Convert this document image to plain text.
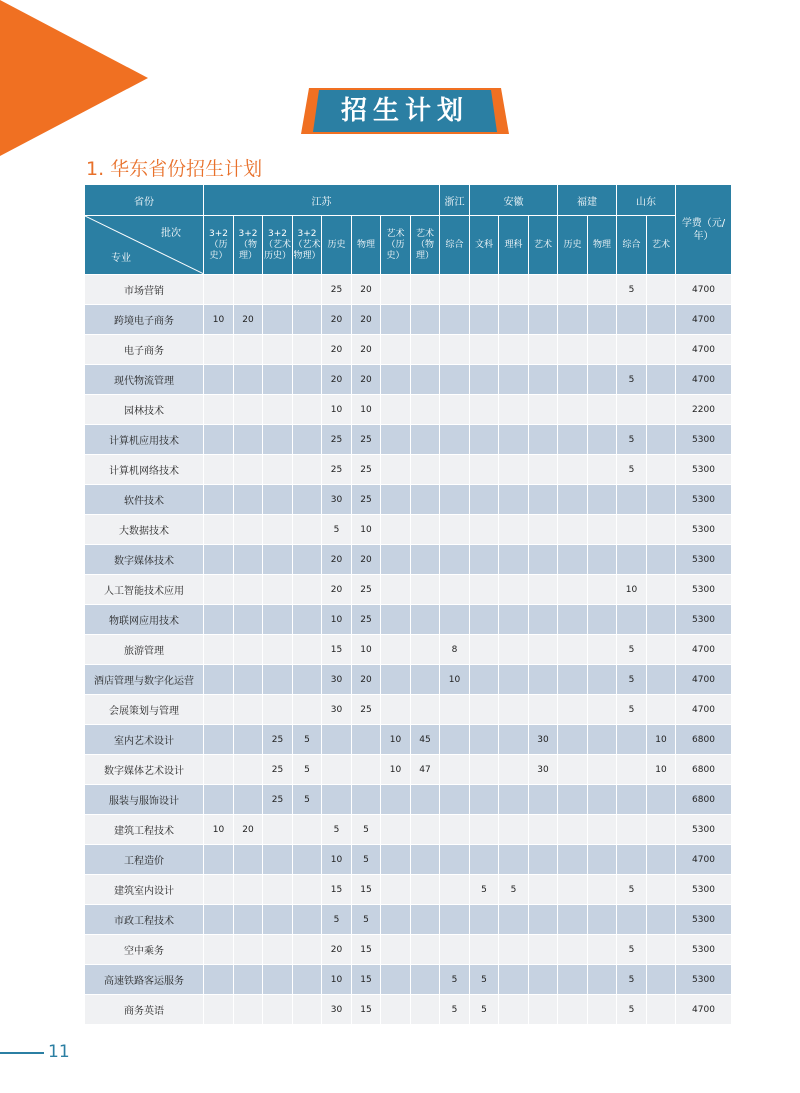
招生计划
1. 华东省份招生计划
省份	江苏								浙江	安徽			福建		山东		学费（元/年）

批次
专业	3+2（历史）	3+2（物理）	3+2（艺术历史）	3+2（艺术物理）	历史	物理	艺术（历史）	艺术（物理）	综合	文科	理科	艺术	历史	物理	综合	艺术	
市场营销					25	20									5		4700
跨境电子商务	10	20			20	20											4700
电子商务					20	20											4700
现代物流管理					20	20									5		4700
园林技术					10	10											2200
计算机应用技术					25	25									5		5300
计算机网络技术					25	25									5		5300
软件技术					30	25											5300
大数据技术					5	10											5300
数字媒体技术					20	20											5300
人工智能技术应用					20	25									10		5300
物联网应用技术					10	25											5300
旅游管理					15	10			8						5		4700
酒店管理与数字化运营					30	20			10						5		4700
会展策划与管理					30	25									5		4700
室内艺术设计			25	5			10	45				30				10	6800
数字媒体艺术设计			25	5			10	47				30				10	6800
服装与服饰设计			25	5													6800
建筑工程技术	10	20			5	5											5300
工程造价					10	5											4700
建筑室内设计					15	15				5	5				5		5300
市政工程技术					5	5											5300
空中乘务					20	15									5		5300
高速铁路客运服务					10	15			5	5					5		5300
商务英语					30	15			5	5					5		4700
11
